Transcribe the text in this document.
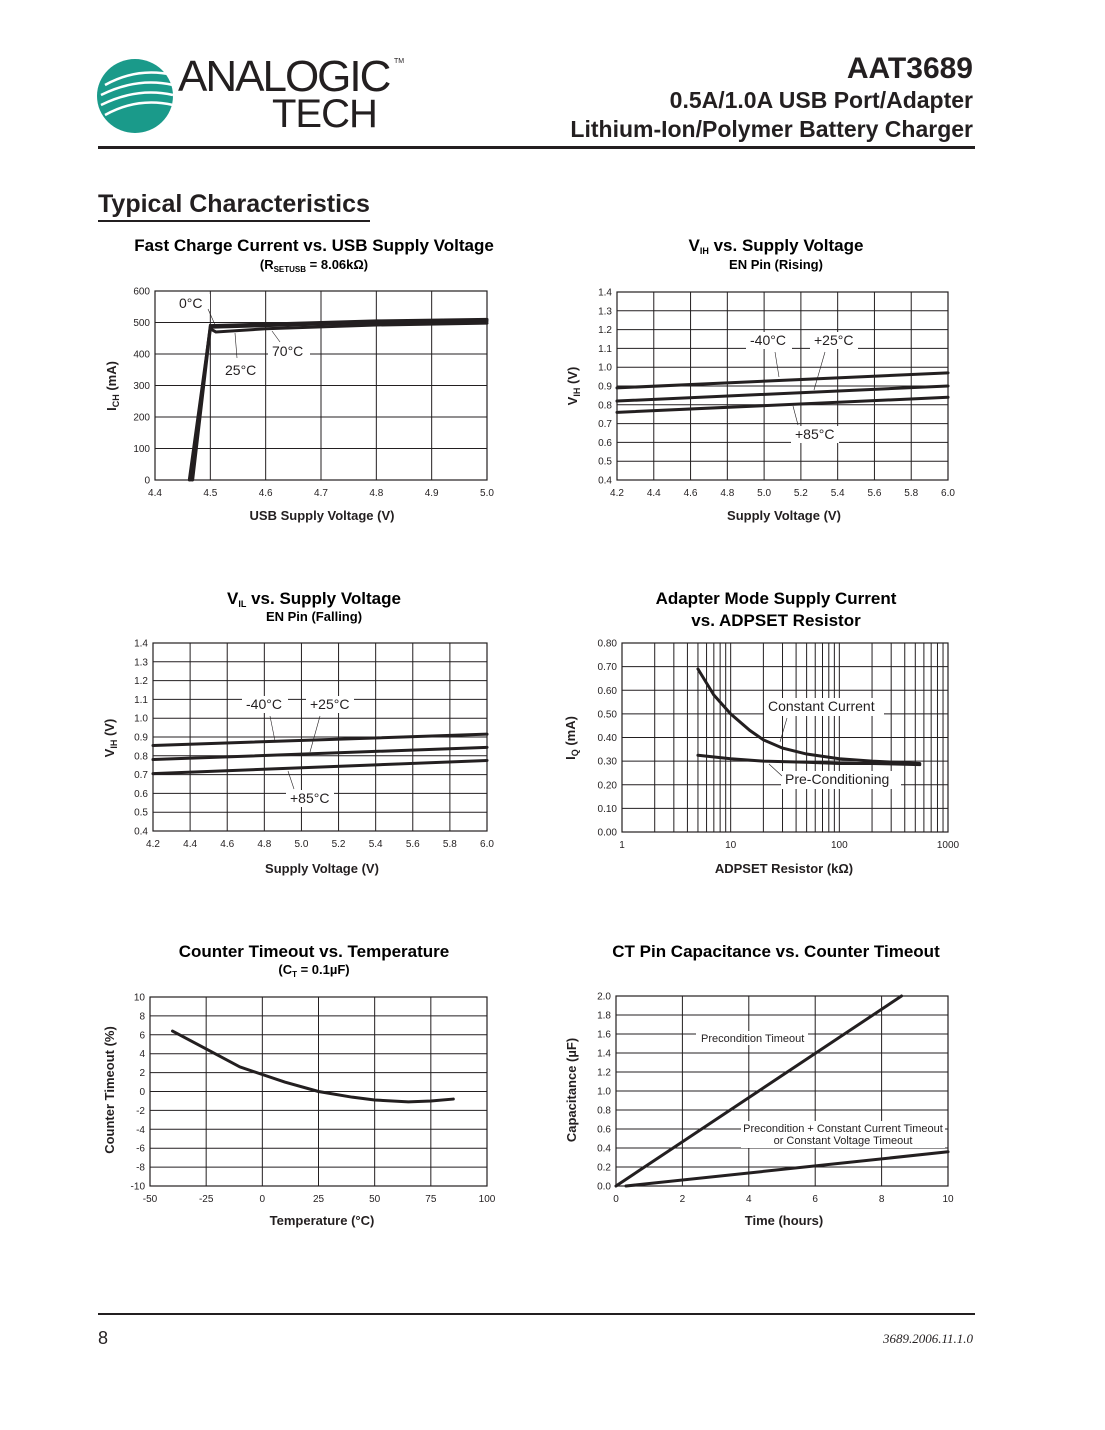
ANALOGIC TM
TECH
AAT3689
0.5A/1.0A USB Port/Adapter
Lithium-Ion/Polymer Battery Charger
Typical Characteristics
Fast Charge Current vs. USB Supply Voltage
$(R_{SETUSB} = 8.06k\Omega)$
0
100
200
300
400
500
600
4.4	4.5	4.6	4.7	4.8	4.9	5.0
USB Supply Voltage (V)
$I_{CH}$ (mA)
0°C
25°C
70°C
VIH vs. Supply Voltage
EN Pin (Rising)
0.4
0.5
0.6
0.7
0.8
0.9
1.0
1.1
1.2
1.3
1.4
4.2 4.4 4.6 4.8 5.0 5.2 5.4 5.6 5.8 6.0
Supply Voltage (V)
$V_{IH}$ (V)
-40°C +25°C
+85°C
VIL vs. Supply Voltage
EN Pin (Falling)
0.4
0.5
0.6
0.7
0.8
0.9
1.0
1.1
1.2
1.3
1.4
4.2 4.4 4.6 4.8 5.0 5.2 5.4 5.6 5.8 6.0
Supply Voltage (V)
$V_{IH}$ (V)
-40°C +25°C
+85°C
Adapter Mode Supply Current
vs. ADPSET Resistor
0.00
0.10
0.20
0.30
0.40
0.50
0.60
0.70
0.80
1	10	100	1000
ADPSET Resistor (kΩ)
$I_Q$ (mA)
Constant Current
Pre-Conditioning
Counter Timeout vs. Temperature
$(C_T = 0.1\mu F)$
-10
-8
-6
-4
-2
0
2
4
6
8
10
-50	-25	0	25	50	75	100
Temperature (°C)
Counter Timeout (%)
CT Pin Capacitance vs. Counter Timeout
0.0
0.2
0.4
0.6
0.8
1.0
1.2
1.4
1.6
1.8
2.0
0	2	4	6	8	10
Time (hours)
Capacitance (µF)	Precondition Timeout
Precondition + Constant Current Timeout
or Constant Voltage Timeout
8	3689.2006.11.1.0
